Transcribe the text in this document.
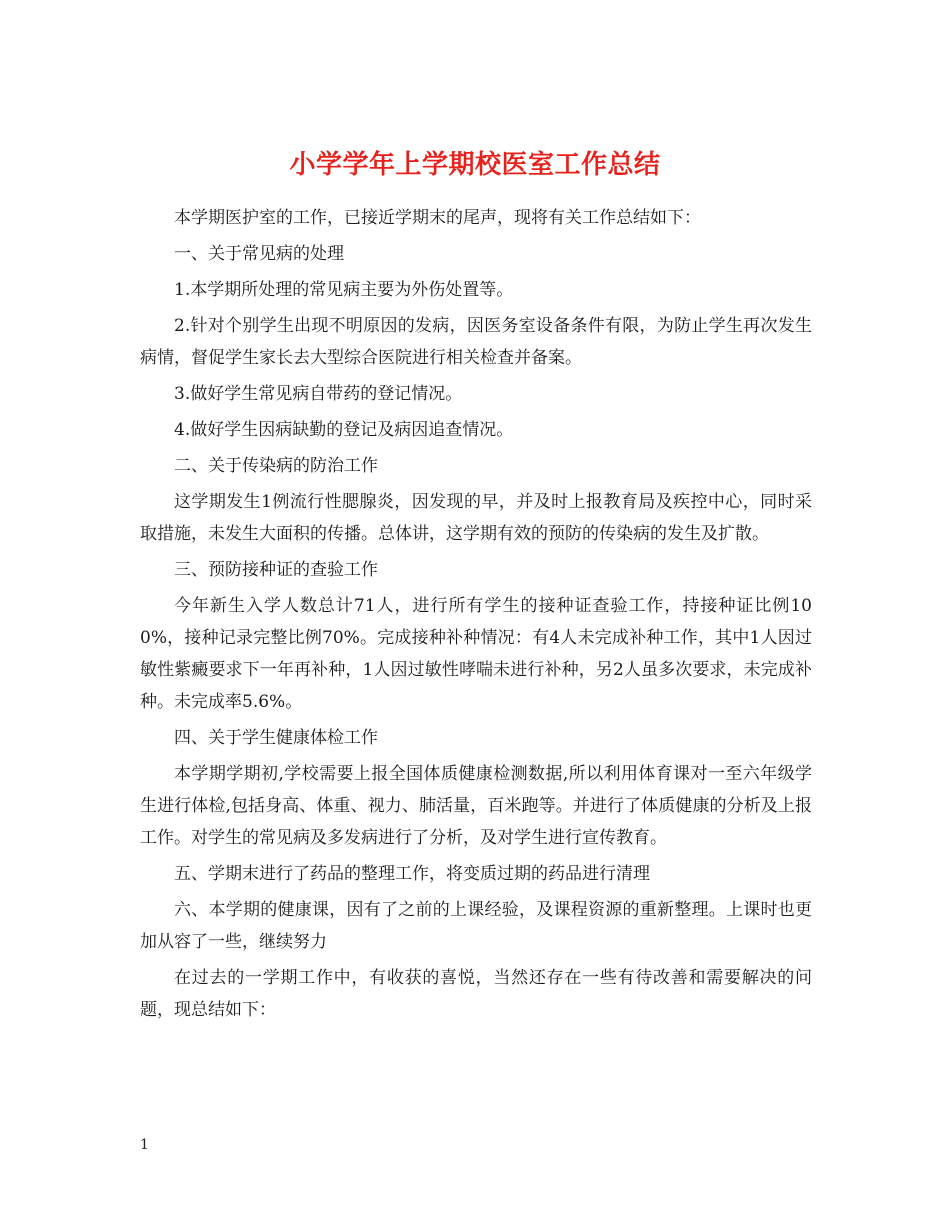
小学学年上学期校医室工作总结

本学期医护室的工作，已接近学期末的尾声，现将有关工作总结如下：

一、关于常见病的处理

1.本学期所处理的常见病主要为外伤处置等。

2.针对个别学生出现不明原因的发病，因医务室设备条件有限，为防止学生再次发生病情，督促学生家长去大型综合医院进行相关检查并备案。

3.做好学生常见病自带药的登记情况。

4.做好学生因病缺勤的登记及病因追查情况。

二、关于传染病的防治工作

这学期发生1例流行性腮腺炎，因发现的早，并及时上报教育局及疾控中心，同时采取措施，未发生大面积的传播。总体讲，这学期有效的预防的传染病的发生及扩散。

三、预防接种证的查验工作

今年新生入学人数总计71人，进行所有学生的接种证查验工作，持接种证比例100%，接种记录完整比例70%。完成接种补种情况：有4人未完成补种工作，其中1人因过敏性紫癜要求下一年再补种，1人因过敏性哮喘未进行补种，另2人虽多次要求，未完成补种。未完成率5.6%。

四、关于学生健康体检工作

本学期学期初,学校需要上报全国体质健康检测数据,所以利用体育课对一至六年级学生进行体检,包括身高、体重、视力、肺活量，百米跑等。并进行了体质健康的分析及上报工作。对学生的常见病及多发病进行了分析，及对学生进行宣传教育。

五、学期末进行了药品的整理工作，将变质过期的药品进行清理

六、本学期的健康课，因有了之前的上课经验，及课程资源的重新整理。上课时也更加从容了一些，继续努力

在过去的一学期工作中，有收获的喜悦，当然还存在一些有待改善和需要解决的问题，现总结如下：

1
